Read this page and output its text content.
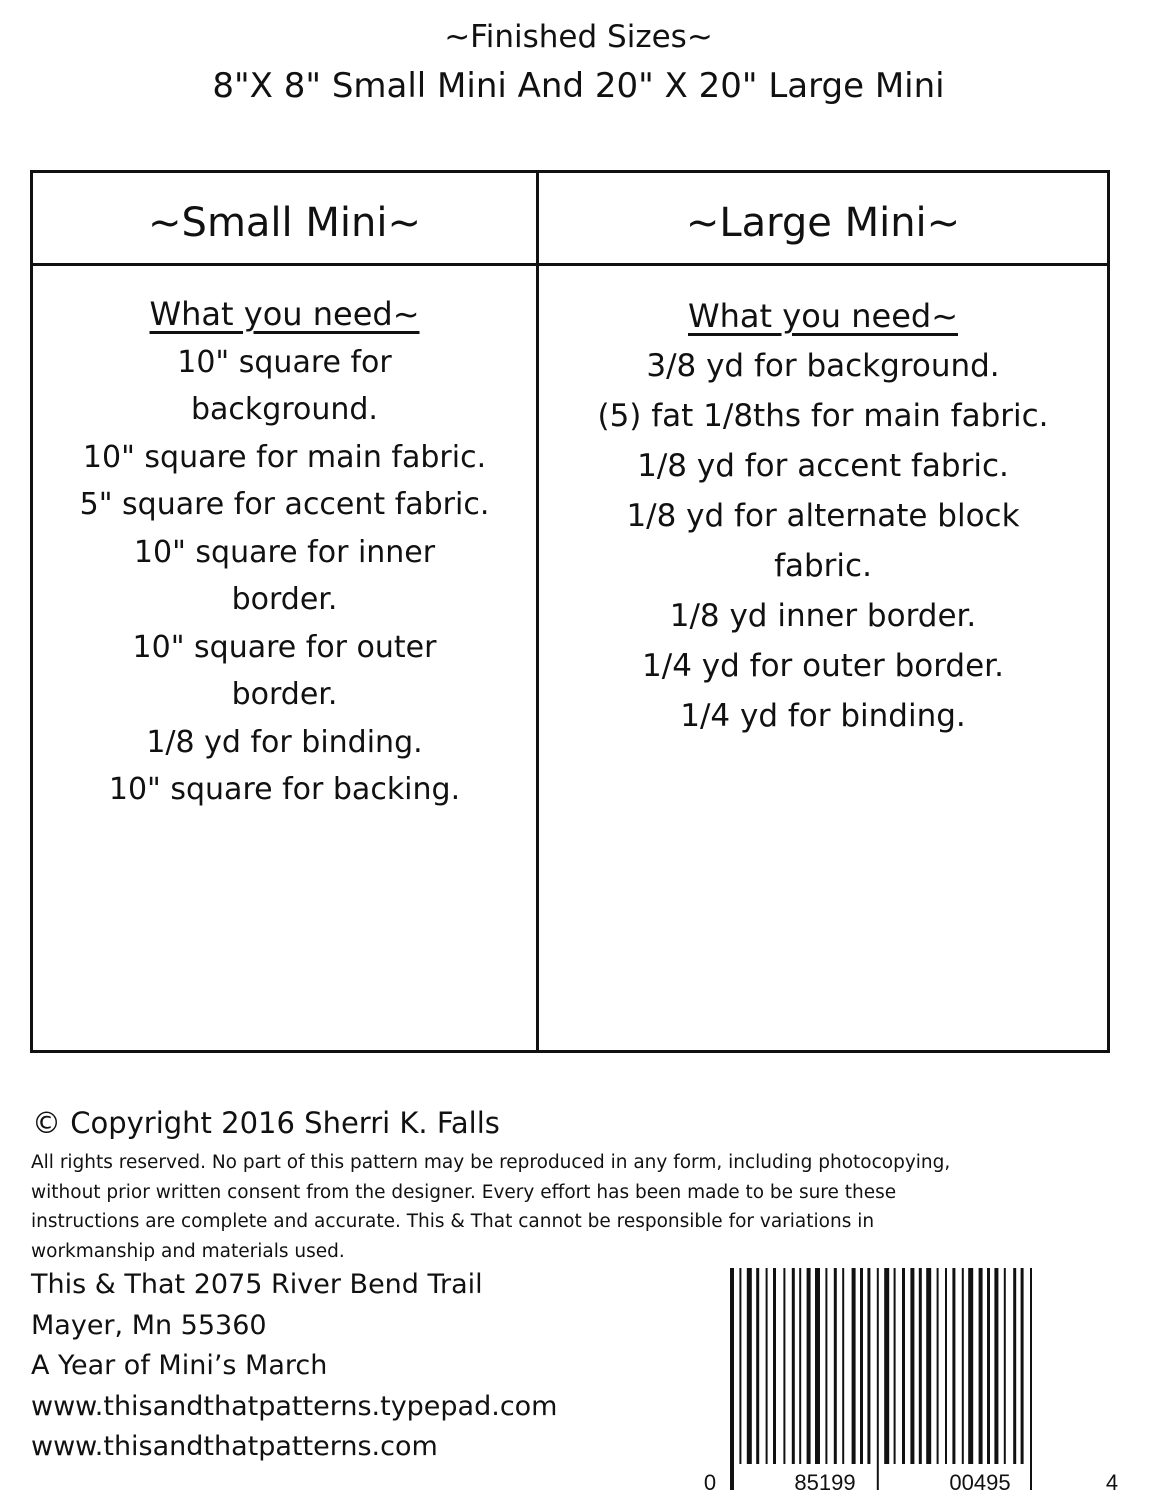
~Finished Sizes~
8"X 8" Small Mini And 20" X 20" Large Mini
~Small Mini~	~Large Mini~
What you need~
10" square for
background.
10" square for main fabric.
5" square for accent fabric.
10" square for inner
border.
10" square for outer
border.
1/8 yd for binding.
10" square for backing.
What you need~
3/8 yd for background.
(5) fat 1/8ths for main fabric.
1/8 yd for accent fabric.
1/8 yd for alternate block
fabric.
1/8 yd inner border.
1/4 yd for outer border.
1/4 yd for binding.
© Copyright 2016 Sherri K. Falls
All rights reserved. No part of this pattern may be reproduced in any form, including photocopying,
without prior written consent from the designer. Every effort has been made to be sure these
instructions are complete and accurate. This & That cannot be responsible for variations in
workmanship and materials used.
This & That 2075 River Bend Trail
Mayer, Mn 55360
A Year of Mini’s March
www.thisandthatpatterns.typepad.com
www.thisandthatpatterns.com
0	85199	00495	4
